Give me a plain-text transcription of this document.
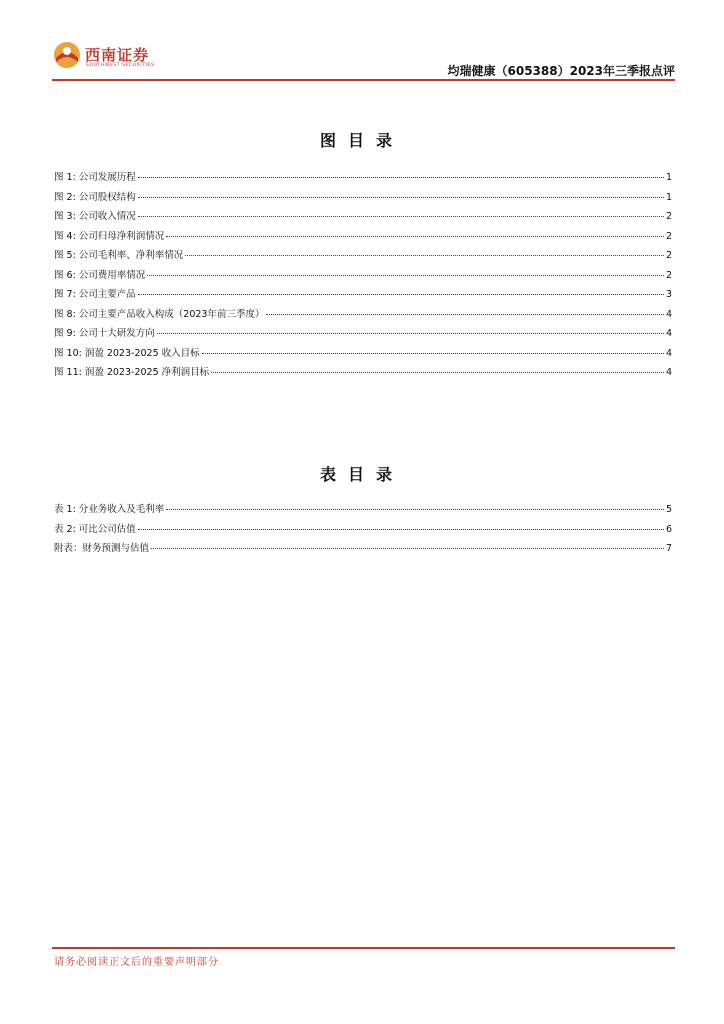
西南证券
SOUTHWEST SECURITIES	均瑞健康（605388）2023年三季报点评
图目录
图 1: 公司发展历程	1
图 2: 公司股权结构	1
图 3: 公司收入情况	2
图 4: 公司归母净利润情况	2
图 5: 公司毛利率、净利率情况	2
图 6: 公司费用率情况	2
图 7: 公司主要产品	3
图 8: 公司主要产品收入构成（2023年前三季度）	4
图 9: 公司十大研发方向	4
图 10: 润盈 2023-2025 收入目标	4
图 11: 润盈 2023-2025 净利润目标	4
表目录
表 1: 分业务收入及毛利率	5
表 2: 可比公司估值	6
附表：财务预测与估值	7
请务必阅读正文后的重要声明部分
